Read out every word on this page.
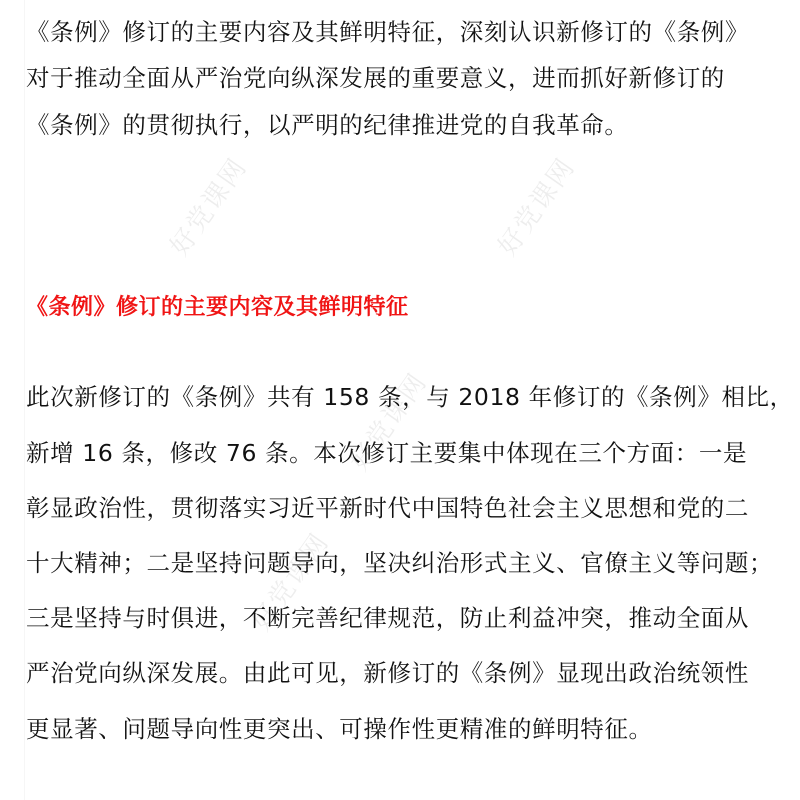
好党课网	好党课网
好党课网
好党课网
《条例》修订的主要内容及其鲜明特征，深刻认识新修订的《条例》
对于推动全面从严治党向纵深发展的重要意义，进而抓好新修订的
《条例》的贯彻执行，以严明的纪律推进党的自我革命。
《条例》修订的主要内容及其鲜明特征
此次新修订的《条例》共有 158 条，与 2018 年修订的《条例》相比，
新增 16 条，修改 76 条。本次修订主要集中体现在三个方面：一是
彰显政治性，贯彻落实习近平新时代中国特色社会主义思想和党的二
十大精神；二是坚持问题导向，坚决纠治形式主义、官僚主义等问题；
三是坚持与时俱进，不断完善纪律规范，防止利益冲突，推动全面从
严治党向纵深发展。由此可见，新修订的《条例》显现出政治统领性
更显著、问题导向性更突出、可操作性更精准的鲜明特征。
